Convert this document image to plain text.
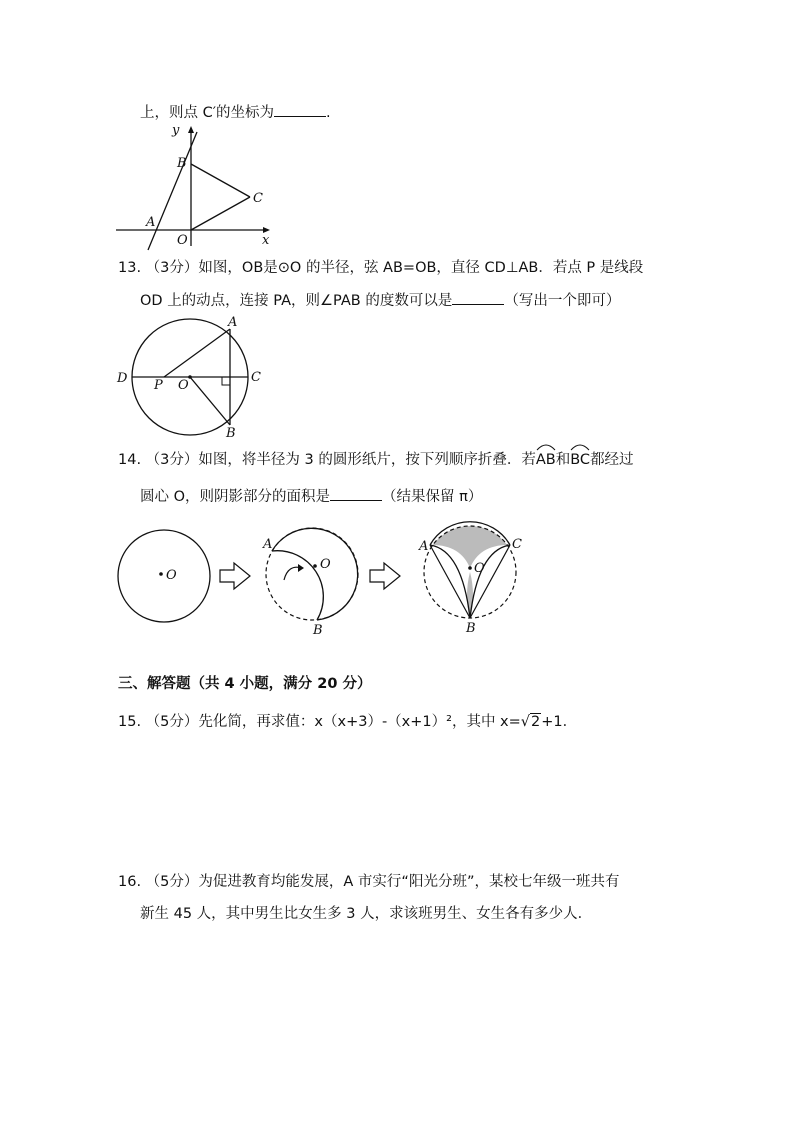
上，则点 C′的坐标为	.
y
x
B
C
A
O
13. （3分）如图，OB是⊙O 的半径，弦 AB=OB，直径 CD⊥AB．若点 P 是线段
OD 上的动点，连接 PA，则∠PAB 的度数可以是	（写出一个即可）
A
B
C
D P O
14. （3分）如图，将半径为 3 的圆形纸片，按下列顺序折叠．若
AB和
BC都经过
圆心 O，则阴影部分的面积是	（结果保留 π）
O
O
A
B
O
A	C
B
三、解答题（共 4 小题，满分 20 分）
15. （5分）先化简，再求值：x（x+3）-（x+1）²，其中 x=√2+1．
16. （5分）为促进教育均能发展，A 市实行“阳光分班”，某校七年级一班共有
新生 45 人，其中男生比女生多 3 人，求该班男生、女生各有多少人．
